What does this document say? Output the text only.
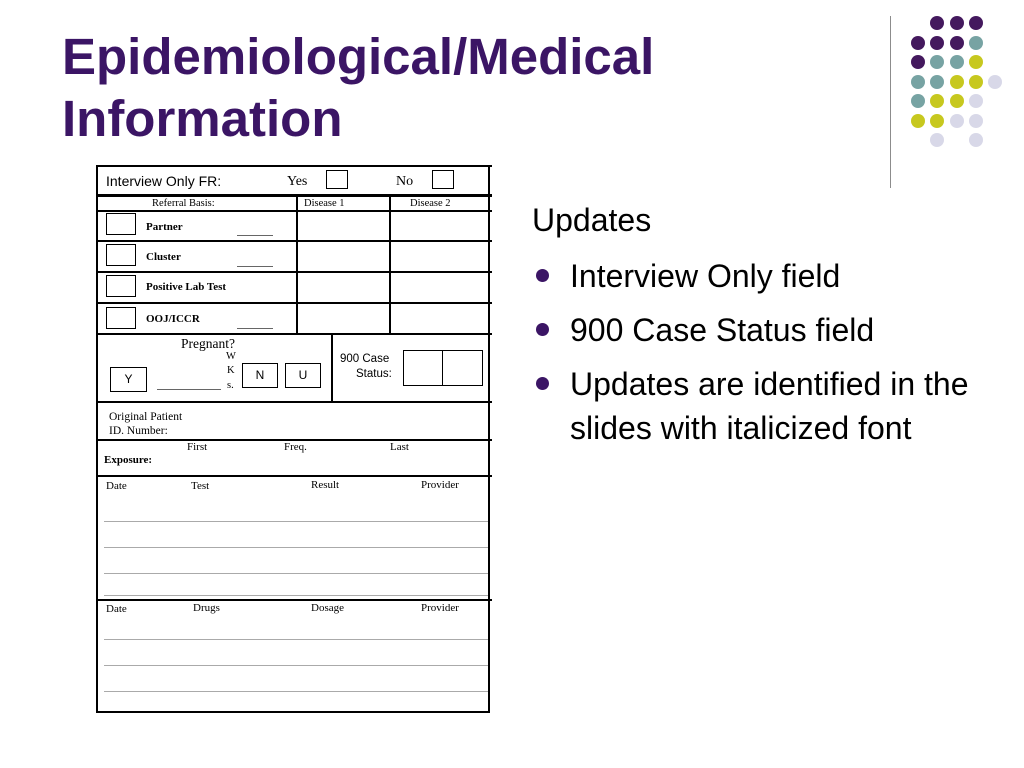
Epidemiological/Medical
Information
Interview Only FR:	Yes	No
Referral Basis:	Disease 1	Disease 2
Partner
Cluster
Positive Lab Test
OOJ/ICCR
Pregnant?
W
K
s.
Y	N	U
900 Case
Status:
Original Patient
ID. Number:
First	Freq.	Last
Exposure:
Date	Test	Result	Provider
Date	Drugs	Dosage	Provider
Updates
Interview Only field
900 Case Status field
Updates are identified in the slides with italicized font
